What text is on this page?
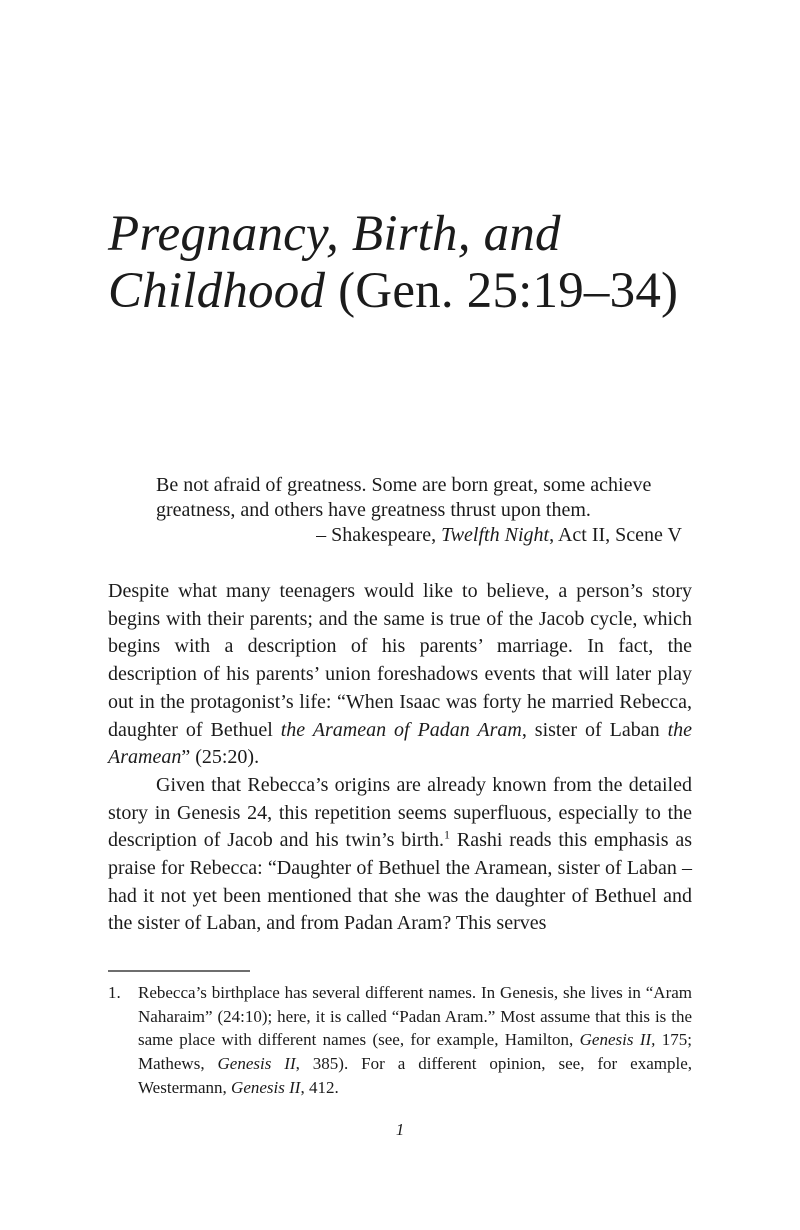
Pregnancy, Birth, and
Childhood (Gen. 25:19–34)
Be not afraid of greatness. Some are born great, some achieve
greatness, and others have greatness thrust upon them.
– Shakespeare, Twelfth Night, Act II, Scene V

Despite what many teenagers would like to believe, a person’s story begins with their parents; and the same is true of the Jacob cycle, which begins with a description of his parents’ marriage. In fact, the description of his parents’ union foreshadows events that will later play out in the protagonist’s life: “When Isaac was forty he married Rebecca, daughter of Bethuel the Aramean of Padan Aram, sister of Laban the Aramean” (25:20).

Given that Rebecca’s origins are already known from the detailed story in Genesis 24, this repetition seems superfluous, especially to the description of Jacob and his twin’s birth.$^1$ Rashi reads this emphasis as praise for Rebecca: “Daughter of Bethuel the Aramean, sister of Laban – had it not yet been mentioned that she was the daughter of Bethuel and the sister of Laban, and from Padan Aram? This serves

1.	Rebecca’s birthplace has several different names. In Genesis, she lives in “Aram Naharaim” (24:10); here, it is called “Padan Aram.” Most assume that this is the same place with different names (see, for example, Hamilton, Genesis II, 175; Mathews, Genesis II, 385). For a different opinion, see, for example, Westermann, Genesis II, 412.
1
